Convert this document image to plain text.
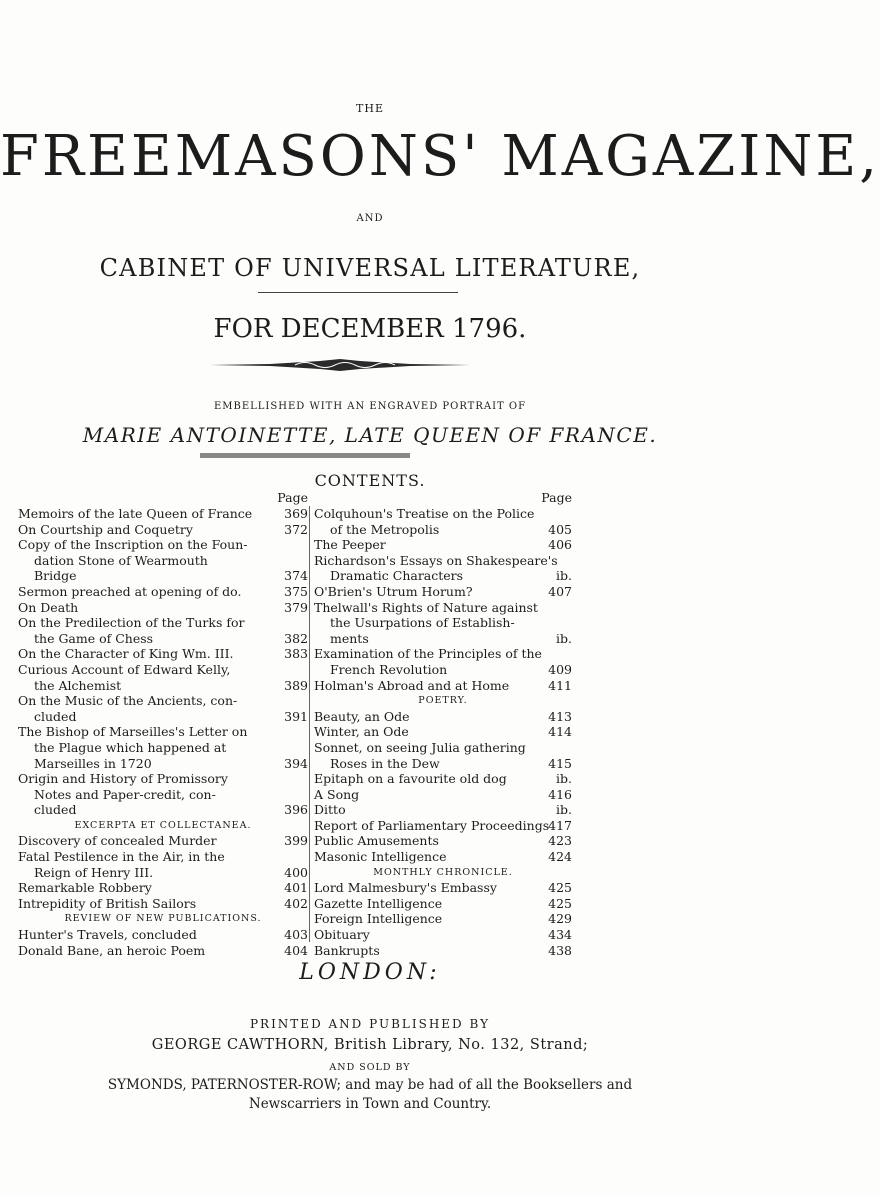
THE
FREEMASONS' MAGAZINE,
AND
CABINET OF UNIVERSAL LITERATURE,
FOR DECEMBER 1796.
EMBELLISHED WITH AN ENGRAVED PORTRAIT OF
MARIE ANTOINETTE, LATE QUEEN OF FRANCE.
CONTENTS.
Page
Memoirs of the late Queen of France	369
On Courtship and Coquetry	372
Copy of the Inscription on the Foun-
dation Stone of Wearmouth
Bridge	374
Sermon preached at opening of do.	375
On Death	379
On the Predilection of the Turks for
the Game of Chess	382
On the Character of King Wm. III.	383
Curious Account of Edward Kelly,
the Alchemist	389
On the Music of the Ancients, con-
cluded	391
The Bishop of Marseilles's Letter on
the Plague which happened at
Marseilles in 1720	394
Origin and History of Promissory
Notes and Paper-credit, con-
cluded	396
EXCERPTA ET COLLECTANEA.
Discovery of concealed Murder	399
Fatal Pestilence in the Air, in the
Reign of Henry III.	400
Remarkable Robbery	401
Intrepidity of British Sailors	402
REVIEW OF NEW PUBLICATIONS.
Hunter's Travels, concluded	403
Donald Bane, an heroic Poem	404
Page
Colquhoun's Treatise on the Police
of the Metropolis	405
The Peeper	406
Richardson's Essays on Shakespeare's
Dramatic Characters	ib.
O'Brien's Utrum Horum?	407
Thelwall's Rights of Nature against
the Usurpations of Establish-
ments	ib.
Examination of the Principles of the
French Revolution	409
Holman's Abroad and at Home	411
POETRY.
Beauty, an Ode	413
Winter, an Ode	414
Sonnet, on seeing Julia gathering
Roses in the Dew	415
Epitaph on a favourite old dog	ib.
A Song	416
Ditto	ib.
Report of Parliamentary Proceedings 417
Public Amusements	423
Masonic Intelligence	424
MONTHLY CHRONICLE.
Lord Malmesbury's Embassy	425
Gazette Intelligence	425
Foreign Intelligence	429
Obituary	434
Bankrupts	438
LONDON:
PRINTED AND PUBLISHED BY
GEORGE CAWTHORN, British Library, No. 132, Strand;
AND SOLD BY
SYMONDS, PATERNOSTER-ROW; and may be had of all the Booksellers and
Newscarriers in Town and Country.
